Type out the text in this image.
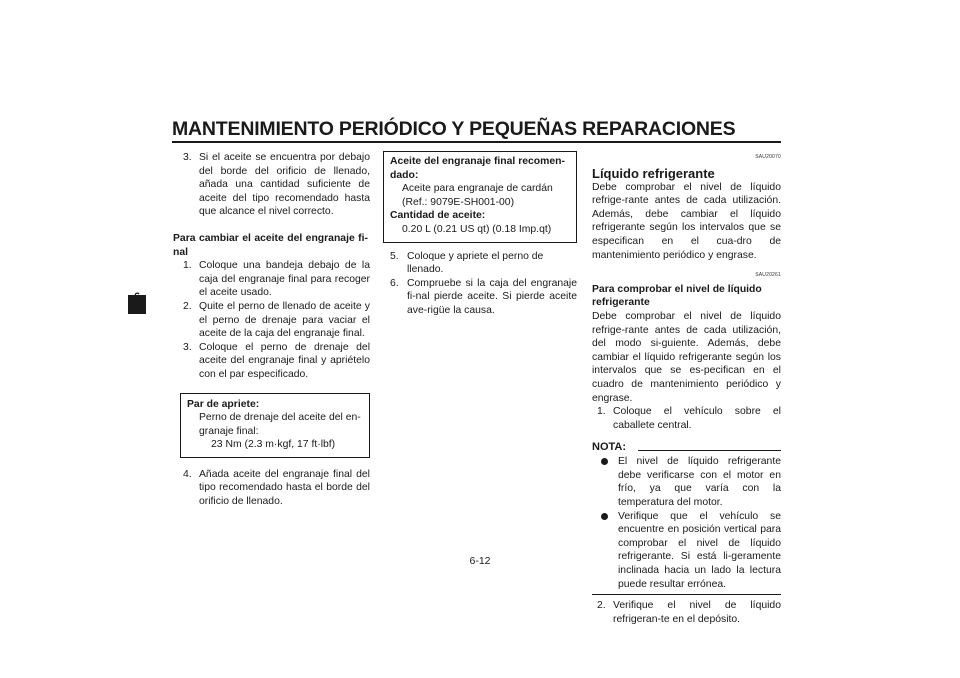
MANTENIMIENTO PERIÓDICO Y PEQUEÑAS REPARACIONES
6
3. Si el aceite se encuentra por debajo del borde del orificio de llenado, añada una cantidad suficiente de aceite del tipo recomendado hasta que alcance el nivel correcto.
Para cambiar el aceite del engranaje fi-nal
1. Coloque una bandeja debajo de la caja del engranaje final para recoger el aceite usado.
2. Quite el perno de llenado de aceite y el perno de drenaje para vaciar el aceite de la caja del engranaje final.
3. Coloque el perno de drenaje del aceite del engranaje final y apriételo con el par especificado.
Par de apriete:
Perno de drenaje del aceite del en-granaje final:
23 Nm (2.3 m·kgf, 17 ft·lbf)
4. Añada aceite del engranaje final del tipo recomendado hasta el borde del orificio de llenado.
Aceite del engranaje final recomen-dado:
Aceite para engranaje de cardán
(Ref.: 9079E-SH001-00)
Cantidad de aceite:
0.20 L (0.21 US qt) (0.18 Imp.qt)
5. Coloque y apriete el perno de llenado.
6. Compruebe si la caja del engranaje fi-nal pierde aceite. Si pierde aceite ave-rigüe la causa.
SAU20070
Líquido refrigerante
Debe comprobar el nivel de líquido refrige-rante antes de cada utilización. Además, debe cambiar el líquido refrigerante según los intervalos que se especifican en el cua-dro de mantenimiento periódico y engrase.
SAU20261
Para comprobar el nivel de líquido refrigerante
Debe comprobar el nivel de líquido refrige-rante antes de cada utilización, del modo si-guiente. Además, debe cambiar el líquido refrigerante según los intervalos que se es-pecifican en el cuadro de mantenimiento periódico y engrase.
1. Coloque el vehículo sobre el caballete central.
NOTA:
El nivel de líquido refrigerante debe verificarse con el motor en frío, ya que varía con la temperatura del motor.
Verifique que el vehículo se encuentre en posición vertical para comprobar el nivel de líquido refrigerante. Si está li-geramente inclinada hacia un lado la lectura puede resultar errónea.
2. Verifique el nivel de líquido refrigeran-te en el depósito.
6-12
